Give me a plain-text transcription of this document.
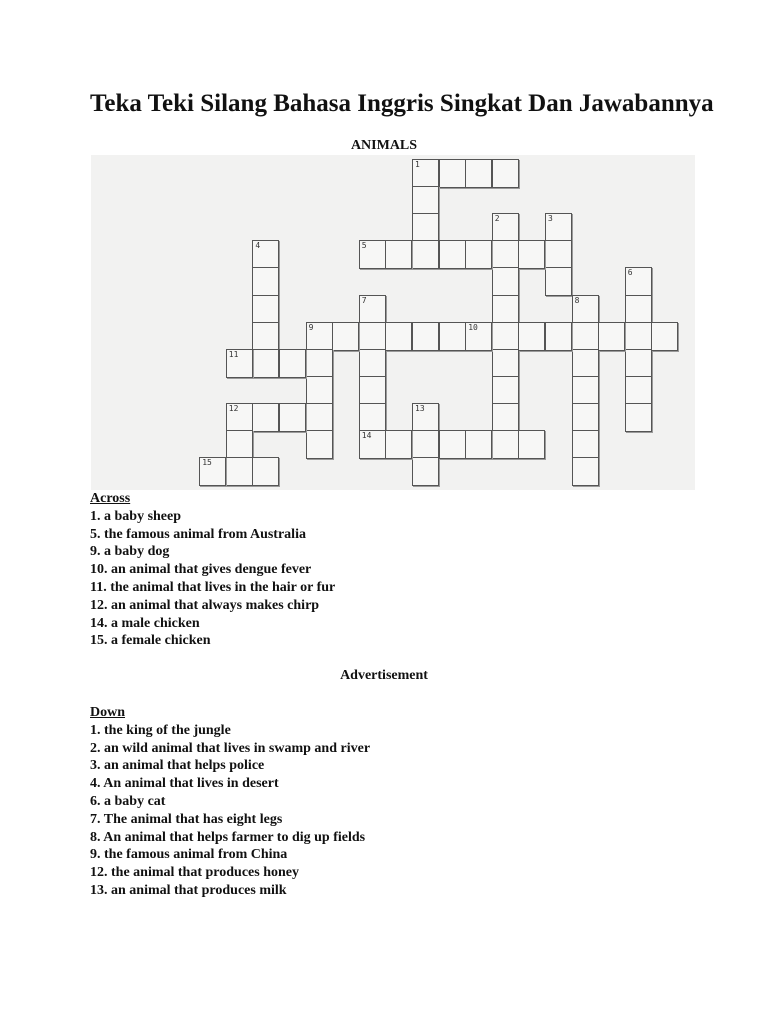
Teka Teki Silang Bahasa Inggris Singkat Dan Jawabannya
ANIMALS
1
2	3
4	5
6
7
14
8
9	10
11
12	13
15
Across
1. a baby sheep
5. the famous animal from Australia
9. a baby dog
10. an animal that gives dengue fever
11. the animal that lives in the hair or fur
12. an animal that always makes chirp
14. a male chicken
15. a female chicken
Advertisement
Down
1. the king of the jungle
2. an wild animal that lives in swamp and river
3. an animal that helps police
4. An animal that lives in desert
6. a baby cat
7. The animal that has eight legs
8. An animal that helps farmer to dig up fields
9. the famous animal from China
12. the animal that produces honey
13. an animal that produces milk
